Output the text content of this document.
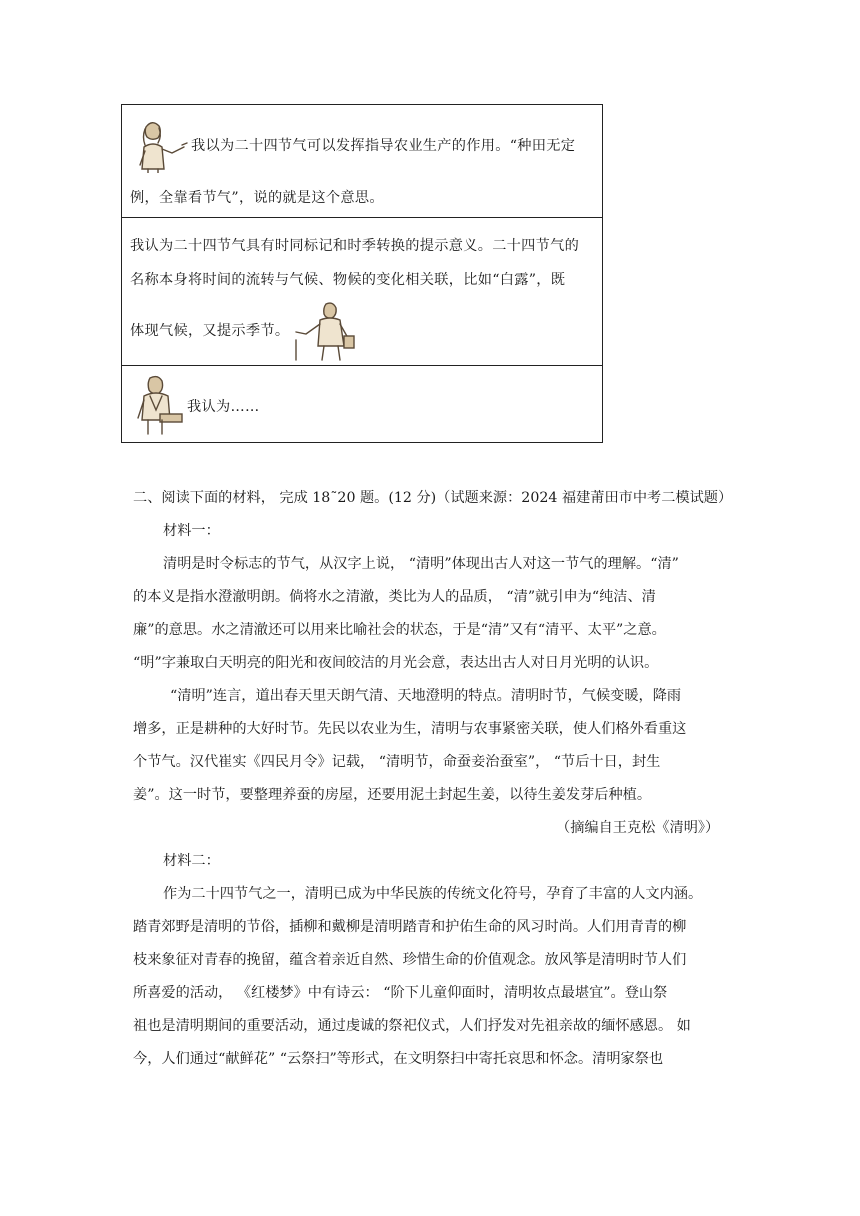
我以为二十四节气可以发挥指导农业生产的作用。“种田无定
例，全靠看节气”，说的就是这个意思。
我认为二十四节气具有时同标记和时季转换的提示意义。二十四节气的
名称本身将时间的流转与气候、物候的变化相关联，比如“白露”，既
体现气候，又提示季节。
我认为……
二、阅读下面的材料， 完成 18˜20 题。(12 分)（试题来源：2024 福建莆田市中考二模试题）
材料一：
清明是时令标志的节气，从汉字上说， “清明”体现出古人对这一节气的理解。“清”
的本义是指水澄澈明朗。倘将水之清澈，类比为人的品质， “清”就引申为“纯洁、清
廉”的意思。水之清澈还可以用来比喻社会的状态，于是“清”又有“清平、太平”之意。
“明”字兼取白天明亮的阳光和夜间皎洁的月光会意，表达出古人对日月光明的认识。
“清明”连言，道出春天里天朗气清、天地澄明的特点。清明时节，气候变暖，降雨
增多，正是耕种的大好时节。先民以农业为生，清明与农事紧密关联，使人们格外看重这
个节气。汉代崔实《四民月令》记载， “清明节，命蚕妾治蚕室”， “节后十日，封生
姜”。这一时节，要整理养蚕的房屋，还要用泥土封起生姜，以待生姜发芽后种植。
（摘编自王克松《清明》）
材料二：
作为二十四节气之一，清明已成为中华民族的传统文化符号，孕育了丰富的人文内涵。
踏青郊野是清明的节俗，插柳和戴柳是清明踏青和护佑生命的风习时尚。人们用青青的柳
枝来象征对青春的挽留，蕴含着亲近自然、珍惜生命的价值观念。放风筝是清明时节人们
所喜爱的活动， 《红楼梦》中有诗云： “阶下儿童仰面时，清明妆点最堪宜”。登山祭
祖也是清明期间的重要活动，通过虔诚的祭祀仪式，人们抒发对先祖亲故的缅怀感恩。 如
今，人们通过“献鲜花” “云祭扫”等形式，在文明祭扫中寄托哀思和怀念。清明家祭也
